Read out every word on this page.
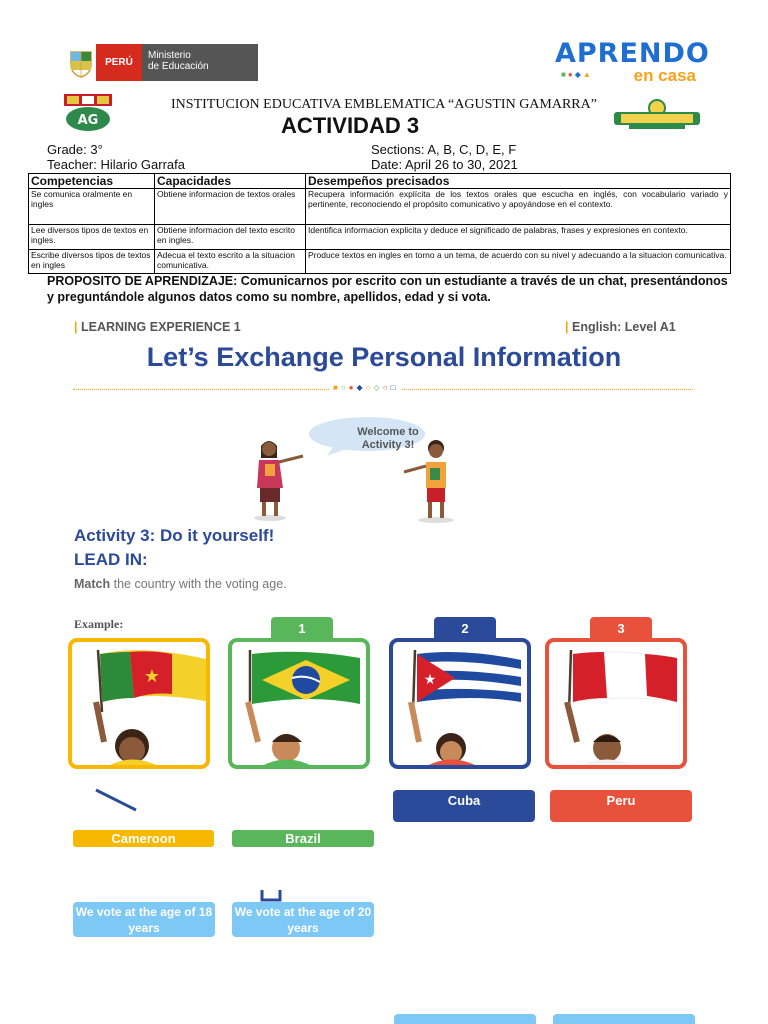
PERÚ
Ministerio
de Educación	APRENDO
en casa
■●◆▲
AG
INSTITUCION EDUCATIVA EMBLEMATICA “AGUSTIN GAMARRA”
ACTIVIDAD 3
Grade: 3°
Teacher: Hilario Garrafa
Sections: A, B, C, D, E, F
Date: April 26 to 30, 2021
Competencias	Capacidades	Desempeños precisados
Se comunica oralmente en ingles	Obtiene informacion de textos orales	Recupera información explícita de los textos orales que escucha en inglés, con vocabulario variado y pertinente, reconociendo el propósito comunicativo y apoyándose en el contexto.
Lee diversos tipos de textos en ingles.	Obtiene informacion del texto escrito en ingles.	Identifica informacion explicita y deduce el significado de palabras, frases y expresiones en contexto.
Escribe diversos tipos de textos en ingles	Adecua el texto escrito a la situacion comunicativa.	Produce textos en ingles en torno a un tema, de acuerdo con su nivel y adecuando a la situacion comunicativa.
PROPOSITO DE APRENDIZAJE: Comunicarnos por escrito con un estudiante a través de un chat, presentándonos y preguntándole algunos datos como su nombre, apellidos, edad y si vota.
| LEARNING EXPERIENCE 1	| English: Level A1
Let’s Exchange Personal Information
■○●◆○◇○□
Welcome to Activity 3!
Activity 3: Do it yourself!
LEAD IN:
Match the country with the voting age.
Example:	1	2	3
★	★
Cuba	Peru
Cameroon	Brazil
We vote at the age of 18 years
We vote at the age of 20 years
